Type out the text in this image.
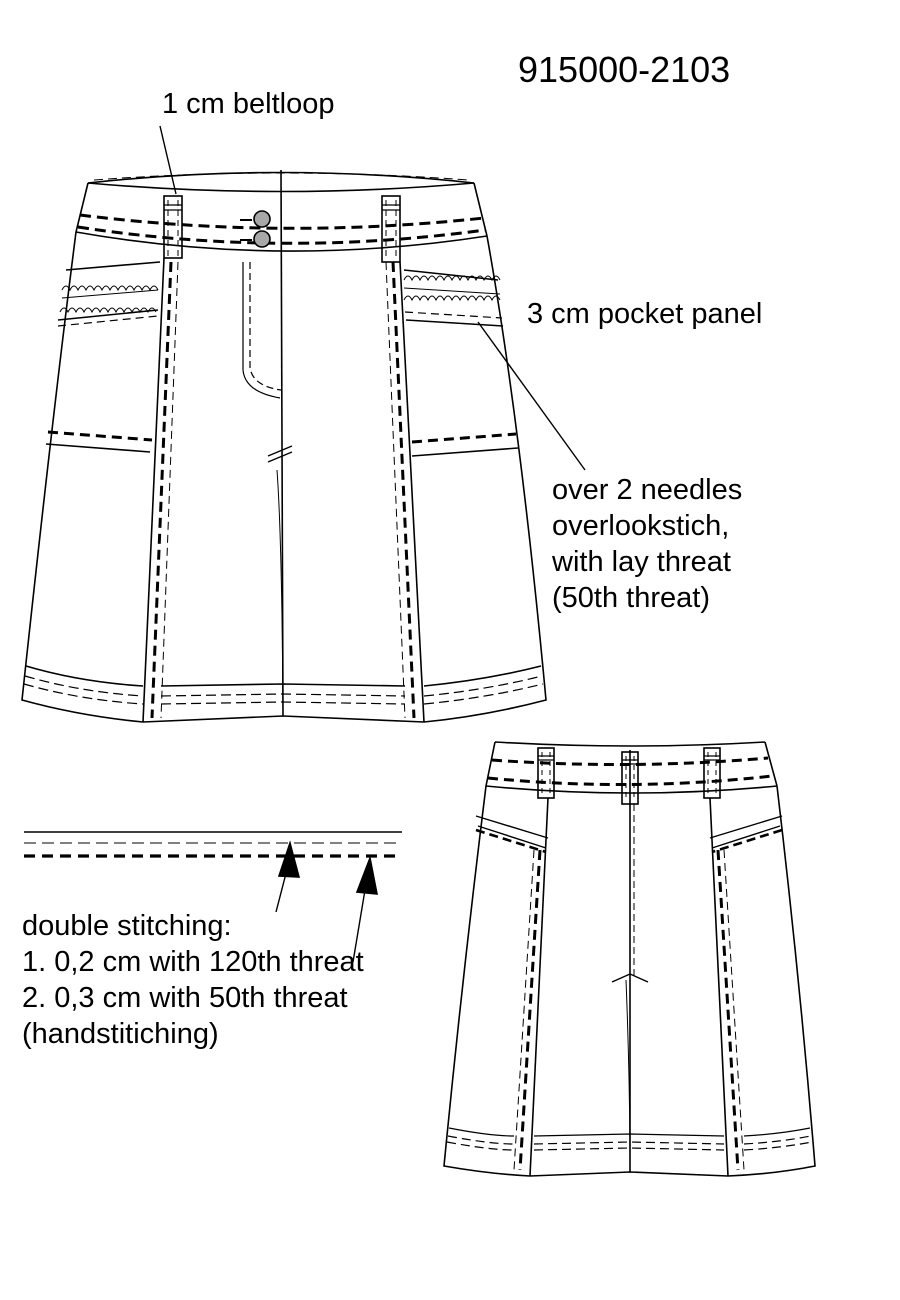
915000-2103
1 cm beltloop
3 cm pocket panel
over 2 needles
overlookstich,
with lay threat
(50th threat)
double stitching:
1. 0,2 cm with 120th threat
2. 0,3 cm with 50th threat
(handstitiching)
